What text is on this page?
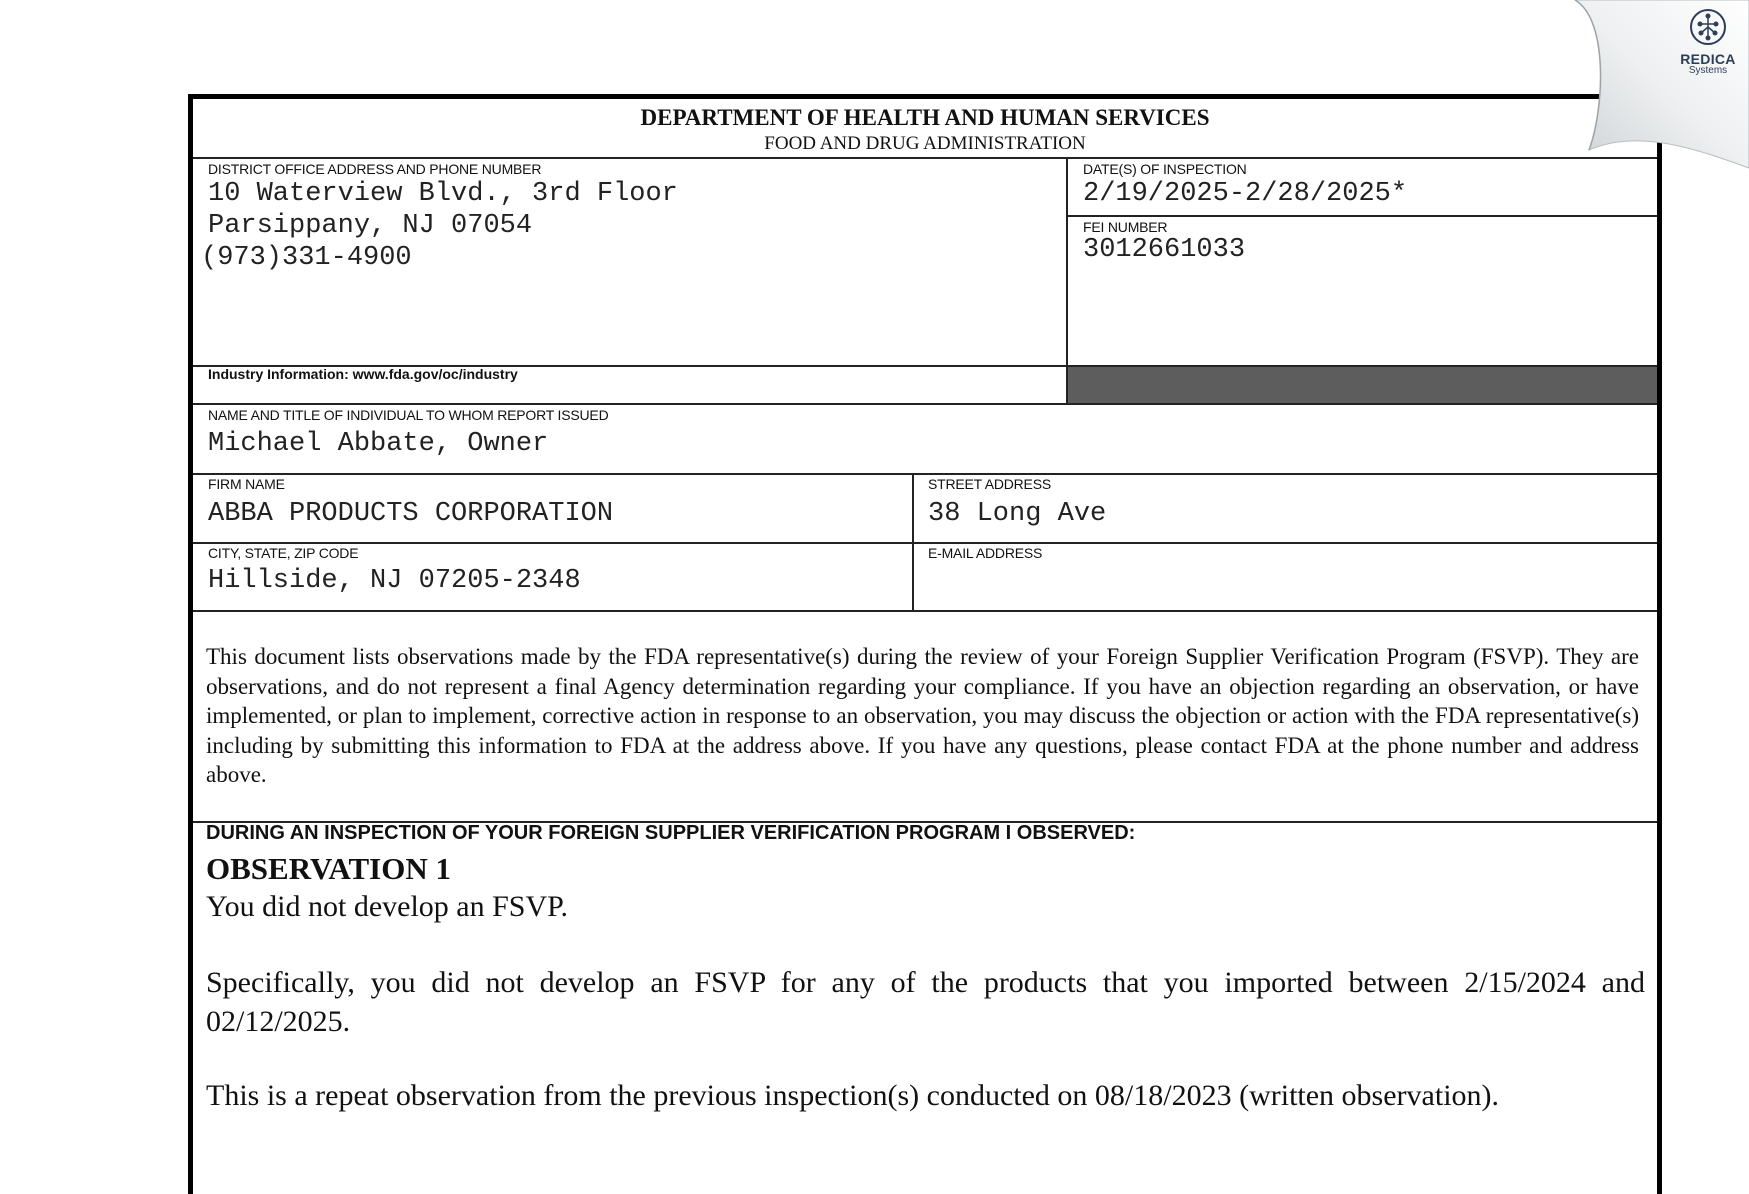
DEPARTMENT OF HEALTH AND HUMAN SERVICES
FOOD AND DRUG ADMINISTRATION
DISTRICT OFFICE ADDRESS AND PHONE NUMBER
10 Waterview Blvd., 3rd Floor
Parsippany, NJ 07054
(973)331-4900
DATE(S) OF INSPECTION
2/19/2025-2/28/2025*
FEI NUMBER
3012661033
Industry Information: www.fda.gov/oc/industry
NAME AND TITLE OF INDIVIDUAL TO WHOM REPORT ISSUED
Michael Abbate, Owner
FIRM NAME
ABBA PRODUCTS CORPORATION
STREET ADDRESS
38 Long Ave
CITY, STATE, ZIP CODE
Hillside, NJ 07205-2348
E-MAIL ADDRESS
This document lists observations made by the FDA representative(s) during the review of your Foreign Supplier Verification Program (FSVP). They are observations, and do not represent a final Agency determination regarding your compliance. If you have an objection regarding an observation, or have implemented, or plan to implement, corrective action in response to an observation, you may discuss the objection or action with the FDA representative(s) including by submitting this information to FDA at the address above. If you have any questions, please contact FDA at the phone number and address above.
DURING AN INSPECTION OF YOUR FOREIGN SUPPLIER VERIFICATION PROGRAM I OBSERVED:
OBSERVATION 1
You did not develop an FSVP.
Specifically, you did not develop an FSVP for any of the products that you imported between 2/15/2024 and 02/12/2025.
This is a repeat observation from the previous inspection(s) conducted on 08/18/2023 (written observation).
REDICA
Systems
